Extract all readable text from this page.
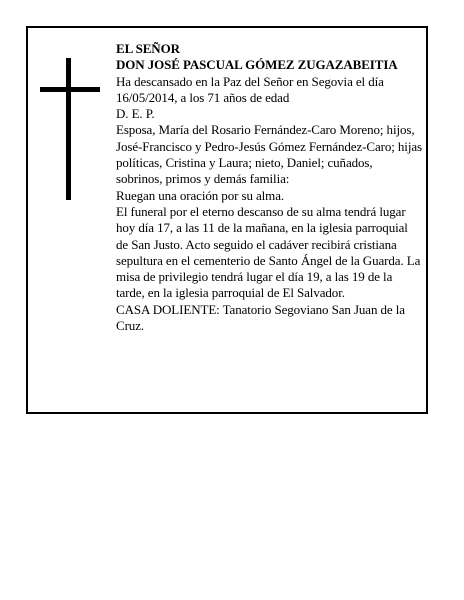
EL SEÑOR

DON JOSÉ PASCUAL GÓMEZ ZUGAZABEITIA

Ha descansado en la Paz del Señor en Segovia el día 16/05/2014, a los 71 años de edad

D. E. P.

Esposa, María del Rosario Fernández-Caro Moreno; hijos, José-Francisco y Pedro-Jesús Gómez Fernández-Caro; hijas políticas, Cristina y Laura; nieto, Daniel; cuñados, sobrinos, primos y demás familia:

Ruegan una oración por su alma.

El funeral por el eterno descanso de su alma tendrá lugar hoy día 17, a las 11 de la mañana, en la iglesia parroquial de San Justo. Acto seguido el cadáver recibirá cristiana sepultura en el cementerio de Santo Ángel de la Guarda. La misa de privilegio tendrá lugar el día 19, a las 19 de la tarde, en la iglesia parroquial de El Salvador.

CASA DOLIENTE: Tanatorio Segoviano San Juan de la Cruz.
